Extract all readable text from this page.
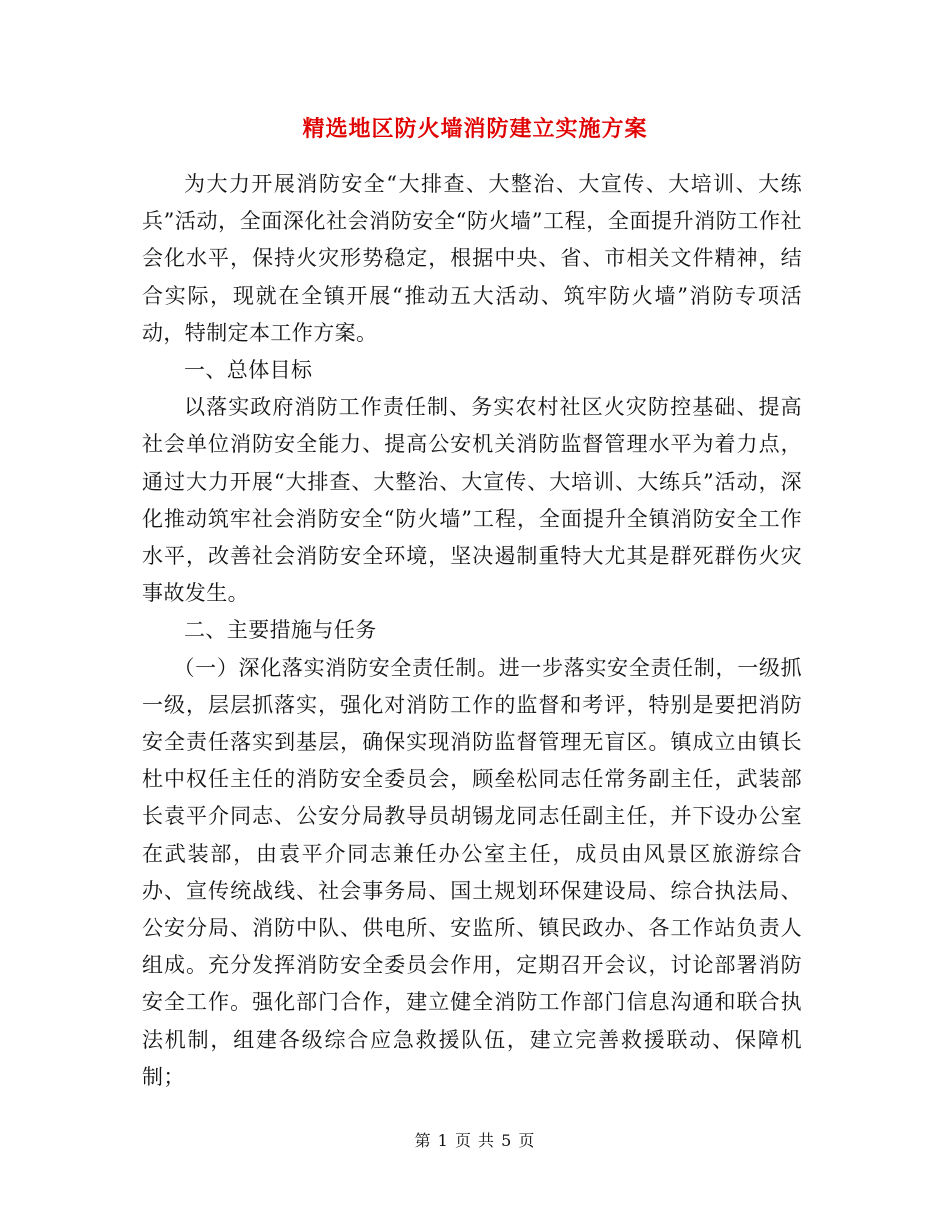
精选地区防火墙消防建立实施方案

为大力开展消防安全“大排查、大整治、大宣传、大培训、大练兵”活动，全面深化社会消防安全“防火墙”工程，全面提升消防工作社会化水平，保持火灾形势稳定，根据中央、省、市相关文件精神，结合实际，现就在全镇开展“推动五大活动、筑牢防火墙”消防专项活动，特制定本工作方案。

一、总体目标

以落实政府消防工作责任制、务实农村社区火灾防控基础、提高社会单位消防安全能力、提高公安机关消防监督管理水平为着力点，通过大力开展“大排查、大整治、大宣传、大培训、大练兵”活动，深化推动筑牢社会消防安全“防火墙”工程，全面提升全镇消防安全工作水平，改善社会消防安全环境，坚决遏制重特大尤其是群死群伤火灾事故发生。

二、主要措施与任务

（一）深化落实消防安全责任制。进一步落实安全责任制，一级抓一级，层层抓落实，强化对消防工作的监督和考评，特别是要把消防安全责任落实到基层，确保实现消防监督管理无盲区。镇成立由镇长杜中权任主任的消防安全委员会，顾垒松同志任常务副主任，武装部长袁平介同志、公安分局教导员胡锡龙同志任副主任，并下设办公室在武装部，由袁平介同志兼任办公室主任，成员由风景区旅游综合办、宣传统战线、社会事务局、国土规划环保建设局、综合执法局、公安分局、消防中队、供电所、安监所、镇民政办、各工作站负责人组成。充分发挥消防安全委员会作用，定期召开会议，讨论部署消防安全工作。强化部门合作，建立健全消防工作部门信息沟通和联合执法机制，组建各级综合应急救援队伍，建立完善救援联动、保障机制；

第 1 页 共 5 页
